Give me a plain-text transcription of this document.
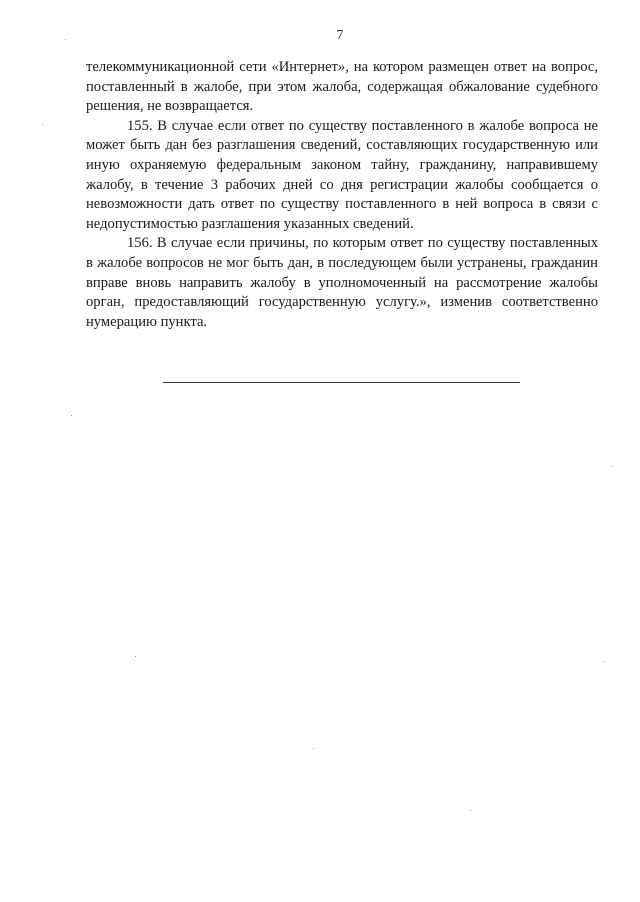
7

телекоммуникационной сети «Интернет», на котором размещен ответ на вопрос, поставленный в жалобе, при этом жалоба, содержащая обжалование судебного решения, не возвращается.

155. В случае если ответ по существу поставленного в жалобе вопроса не может быть дан без разглашения сведений, составляющих государственную или иную охраняемую федеральным законом тайну, гражданину, направившему жалобу, в течение 3 рабочих дней со дня регистрации жалобы сообщается о невозможности дать ответ по существу поставленного в ней вопроса в связи с недопустимостью разглашения указанных сведений.

156. В случае если причины, по которым ответ по существу поставленных в жалобе вопросов не мог быть дан, в последующем были устранены, гражданин вправе вновь направить жалобу в уполномоченный на рассмотрение жалобы орган, предоставляющий государственную услугу.», изменив соответственно нумерацию пункта.
